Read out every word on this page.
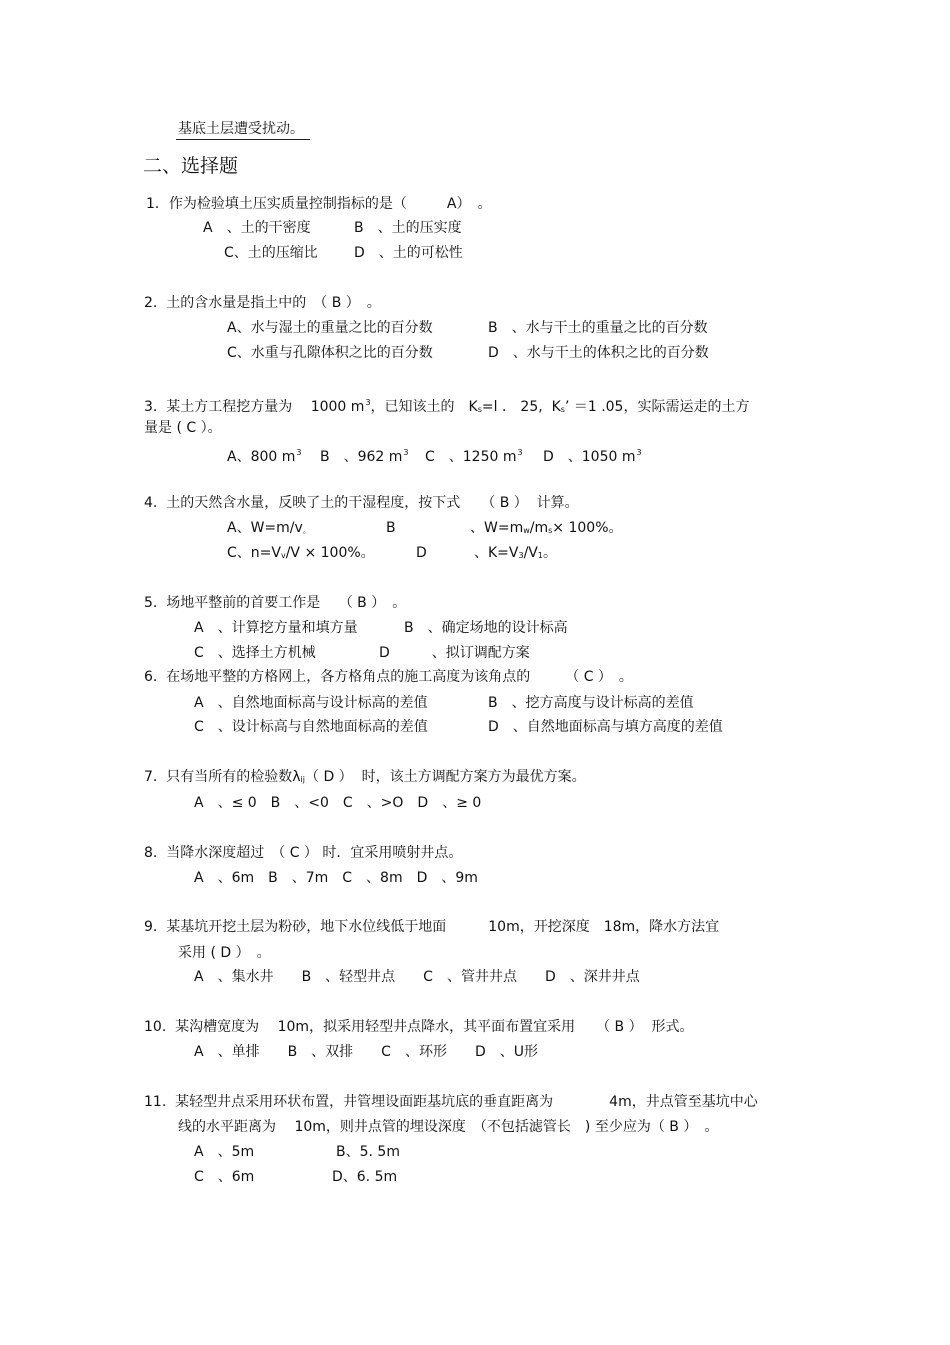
基底土层遭受扰动。
二、选择题
1．作为检验填土压实质量控制指标的是（	A）　。
A　、土的干密度	B　、土的压实度
C、土的压缩比	D　、土的可松性
2.  土的含水量是指土中的　（ B ）　。
A、水与湿土的重量之比的百分数	B　、水与干土的重量之比的百分数
C、水重与孔隙体积之比的百分数	D　、水与干土的体积之比的百分数
3.  某土方工程挖方量为　 1000 $m^3$，已知该土的　$K_s=l$ ． 25,  $K_s$’ ＝1 .05，实际需运走的土方
量是 ( C ）。
A、800 $m^3$ B　、962 $m^3$ C　、1250 $m^3$ D　、1050 $m^3$
4.  土的天然含水量，反映了土的干湿程度，按下式　　（ B ）  计算。
A、$W=m/v_。$	B	、$W=m_w/m_s\times 100\%$。
C、$n=V_v/V \times 100\%$。	D	、$K=V_3/V_1$。
5.  场地平整前的首要工作是　 （ B ）　。
A　、计算挖方量和填方量	B　、确定场地的设计标高
C　、选择土方机械	D　　　、拟订调配方案
6.  在场地平整的方格网上，各方格角点的施工高度为该角点的　　　（ C ）　。
A　、自然地面标高与设计标高的差值	B　、挖方高度与设计标高的差值
C　、设计标高与自然地面标高的差值	D　、自然地面标高与填方高度的差值
7.  只有当所有的检验数$\lambda_{ij}$（ D ）  时，该土方调配方案方为最优方案。
A　、≤ 0　B　、<0　C　、>O　D　、≥ 0
8.  当降水深度超过　（ C ） 时．宜采用喷射井点。
A　、6m　B　、7m　C　、8m　D　、9m
9.  某基坑开挖土层为粉砂，地下水位线低于地面　　　10m，开挖深度　18m，降水方法宜
采用 ( D ）　。
A　、集水井　　B　、轻型井点　　C　、管井井点　　D　、深井井点
10.  某沟槽宽度为　 10m，拟采用轻型井点降水，其平面布置宜采用　　（ B ）  形式。
A　、单排　　B　、双排　　C　、环形　　D　、U形
11.  某轻型井点采用环状布置，井管埋设面距基坑底的垂直距离为　　　　4m，井点管至基坑中心
线的水平距离为　 10m，则井点管的埋设深度　（不包括滤管长　) 至少应为（ B ）　。
A　、5m	B、5. 5m
C　、6m	D、6. 5m
